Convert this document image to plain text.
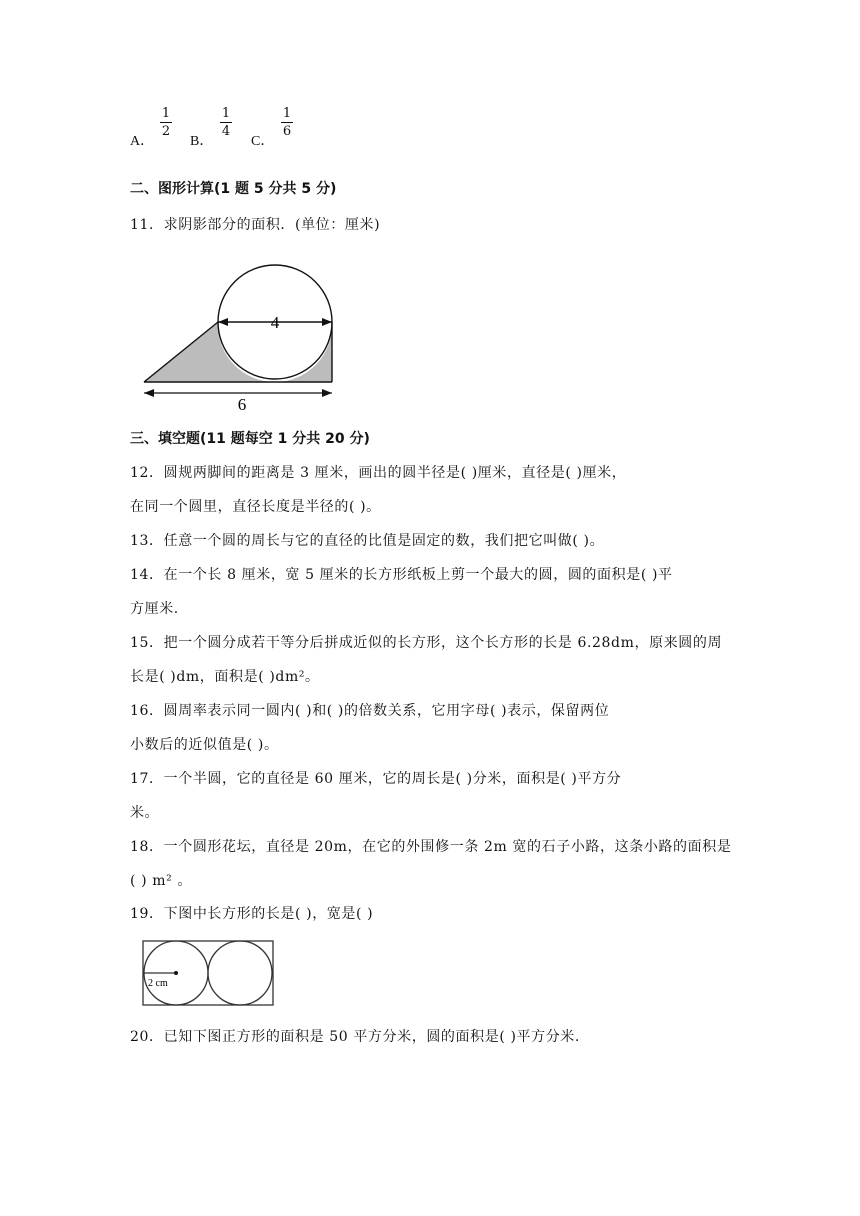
A．
1
2
B．
1
4
C．
1
6
二、图形计算(1 题 5 分共 5 分)
11．求阴影部分的面积．(单位：厘米)
4
6
三、填空题(11 题每空 1 分共 20 分)
12．圆规两脚间的距离是 3 厘米，画出的圆半径是( )厘米，直径是( )厘米，
在同一个圆里，直径长度是半径的( )。
13．任意一个圆的周长与它的直径的比值是固定的数，我们把它叫做( )。
14．在一个长 8 厘米，宽 5 厘米的长方形纸板上剪一个最大的圆，圆的面积是( )平
方厘米.
15．把一个圆分成若干等分后拼成近似的长方形，这个长方形的长是 6.28dm，原来圆的周
长是( )dm，面积是( )dm²。
16．圆周率表示同一圆内( )和( )的倍数关系，它用字母( )表示，保留两位
小数后的近似值是( )。
17．一个半圆，它的直径是 60 厘米，它的周长是( )分米，面积是( )平方分
米。
18．一个圆形花坛，直径是 20m，在它的外围修一条 2m 宽的石子小路，这条小路的面积是
( ) m² 。
19．下图中长方形的长是( )，宽是( )
2 cm
20．已知下图正方形的面积是 50 平方分米，圆的面积是( )平方分米.
